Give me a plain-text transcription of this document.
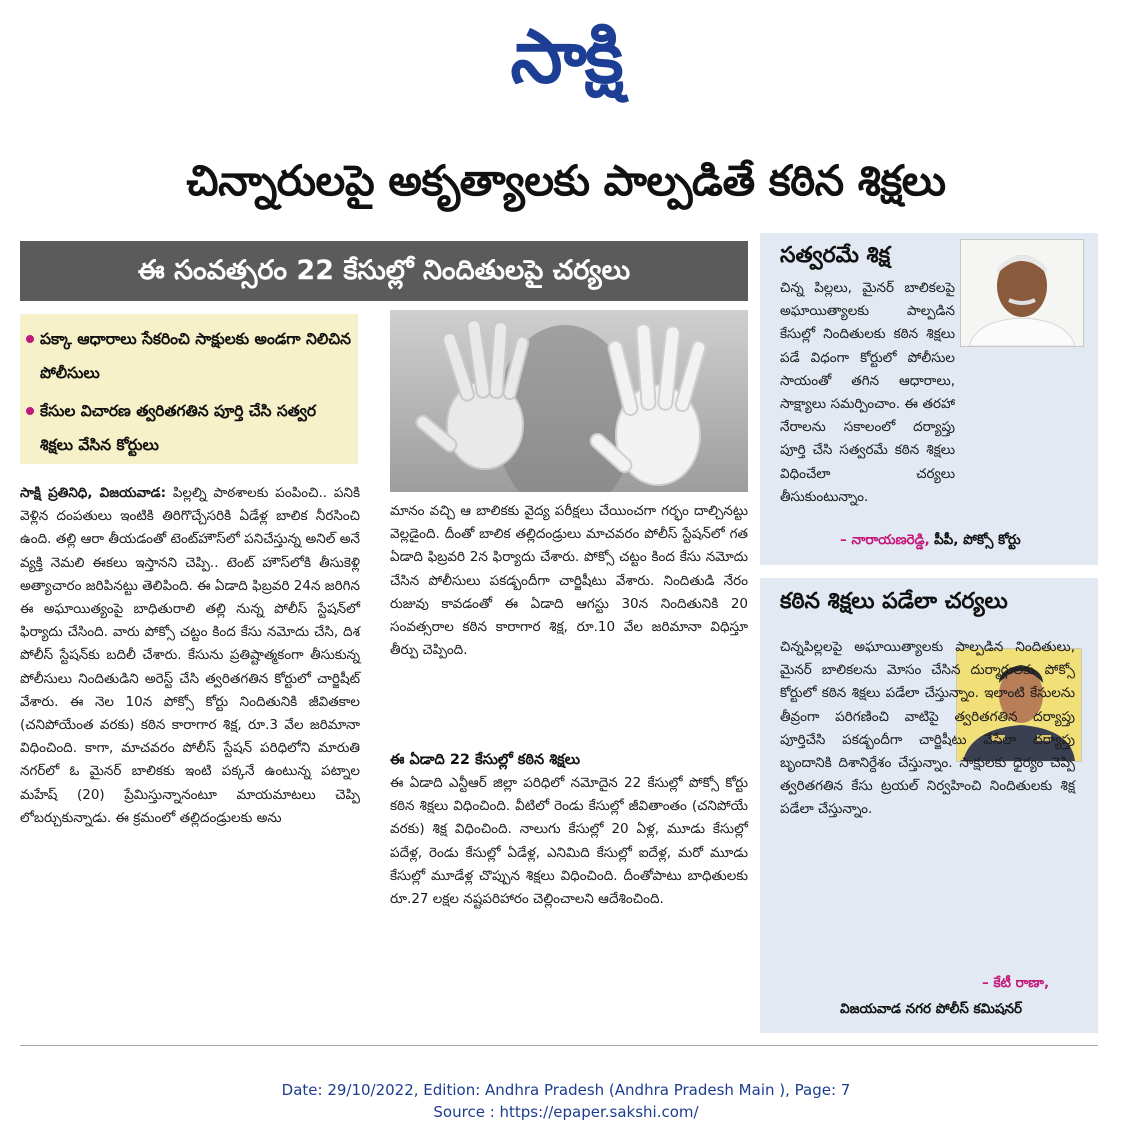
సాక్షి
చిన్నారులపై అకృత్యాలకు పాల్పడితే కఠిన శిక్షలు
ఈ సంవత్సరం 22 కేసుల్లో నిందితులపై చర్యలు
పక్కా ఆధారాలు సేకరించి సాక్షులకు అండగా నిలిచిన పోలీసులు
కేసుల విచారణ త్వరితగతిన పూర్తి చేసి సత్వర శిక్షలు వేసిన కోర్టులు

సాక్షి ప్రతినిధి, విజయవాడ: పిల్లల్ని పాఠశాలకు పంపించి.. పనికి వెళ్లిన దంపతులు ఇంటికి తిరిగొచ్చేసరికి ఏడేళ్ల బాలిక నీరసించి ఉంది. తల్లి ఆరా తీయడంతో టెంట్‌హౌస్‌లో పనిచేస్తున్న అనిల్‌ అనే వ్యక్తి నెమలి ఈకలు ఇస్తానని చెప్పి.. టెంట్‌ హౌస్‌లోకి తీసుకెళ్లి అత్యాచారం జరిపినట్టు తెలిపింది. ఈ ఏడాది ఫిబ్రవరి 24న జరిగిన ఈ అఘాయిత్యంపై బాధితురాలి తల్లి నున్న పోలీస్‌ స్టేషన్‌లో ఫిర్యాదు చేసింది. వారు పోక్సో చట్టం కింద కేసు నమోదు చేసి, దిశ పోలీస్‌ స్టేషన్‌కు బదిలీ చేశారు. కేసును ప్రతిష్టాత్మకంగా తీసుకున్న పోలీసులు నిందితుడిని అరెస్ట్‌ చేసి త్వరితగతిన కోర్టులో చార్జిషీట్‌ వేశారు. ఈ నెల 10న పోక్సో కోర్టు నిందితునికి జీవితకాల (చనిపోయేంత వరకు) కఠిన కారాగార శిక్ష, రూ.3 వేల జరిమానా విధించింది. కాగా, మాచవరం పోలీస్‌ స్టేషన్‌ పరిధిలోని మారుతి నగర్‌లో ఓ మైనర్‌ బాలికకు ఇంటి పక్కనే ఉంటున్న పట్నాల మహేష్‌ (20) ప్రేమిస్తున్నానంటూ మాయమాటలు చెప్పి లోబర్చుకున్నాడు. ఈ క్రమంలో తల్లిదండ్రులకు అను

మానం వచ్చి ఆ బాలికకు వైద్య పరీక్షలు చేయించగా గర్భం దాల్చినట్టు వెల్లడైంది. దీంతో బాలిక తల్లిదండ్రులు మాచవరం పోలీస్‌ స్టేషన్‌లో గత ఏడాది ఫిబ్రవరి 2న ఫిర్యాదు చేశారు. పోక్సో చట్టం కింద కేసు నమోదు చేసిన పోలీసులు పకడ్బందీగా చార్జిషీటు వేశారు. నిందితుడి నేరం రుజువు కావడంతో ఈ ఏడాది ఆగస్టు 30న నిందితునికి 20 సంవత్సరాల కఠిన కారాగార శిక్ష, రూ.10 వేల జరిమానా విధిస్తూ తీర్పు చెప్పింది.

ఈ ఏడాది 22 కేసుల్లో కఠిన శిక్షలు

ఈ ఏడాది ఎన్టీఆర్‌ జిల్లా పరిధిలో నమోదైన 22 కేసుల్లో పోక్సో కోర్టు కఠిన శిక్షలు విధించింది. వీటిలో రెండు కేసుల్లో జీవితాంతం (చనిపోయే వరకు) శిక్ష విధించింది. నాలుగు కేసుల్లో 20 ఏళ్ల, మూడు కేసుల్లో పదేళ్ల, రెండు కేసుల్లో ఏడేళ్ల, ఎనిమిది కేసుల్లో ఐదేళ్ల, మరో మూడు కేసుల్లో మూడేళ్ల చొప్పున శిక్షలు విధించింది. దీంతోపాటు బాధితులకు రూ.27 లక్షల నష్టపరిహారం చెల్లించాలని ఆదేశించింది.

సత్వరమే శిక్ష

చిన్న పిల్లలు, మైనర్‌ బాలికలపై అఘాయిత్యాలకు పాల్పడిన కేసుల్లో నిందితులకు కఠిన శిక్షలు పడే విధంగా కోర్టులో పోలీసుల సాయంతో తగిన ఆధారాలు, సాక్ష్యాలు సమర్పించాం. ఈ తరహా నేరాలను సకాలంలో దర్యాప్తు పూర్తి చేసి సత్వరమే కఠిన శిక్షలు విధించేలా చర్యలు తీసుకుంటున్నాం.

– నారాయణరెడ్డి, పీపీ, పోక్సో కోర్టు
కఠిన శిక్షలు పడేలా చర్యలు

చిన్నపిల్లలపై అఘాయిత్యాలకు పాల్పడిన నిందితులు, మైనర్‌ బాలికలను మోసం చేసిన దుర్మార్గులకు పోక్సో కోర్టులో కఠిన శిక్షలు పడేలా చేస్తున్నాం. ఇలాంటి కేసులను తీవ్రంగా పరిగణించి వాటిపై త్వరితగతిన దర్యాప్తు పూర్తిచేసి పకడ్బందీగా చార్జిషీటు వేసేలా దర్యాప్తు బృందానికి దిశానిర్దేశం చేస్తున్నాం. సాక్షులకు ధైర్యం చెప్పి త్వరితగతిన కేసు ట్రయల్‌ నిర్వహించి నిందితులకు శిక్ష పడేలా చేస్తున్నాం.

– కేటీ రాణా,
విజయవాడ నగర పోలీస్‌ కమిషనర్‌
Date: 29/10/2022, Edition: Andhra Pradesh (Andhra Pradesh Main ), Page: 7
Source : https://epaper.sakshi.com/
